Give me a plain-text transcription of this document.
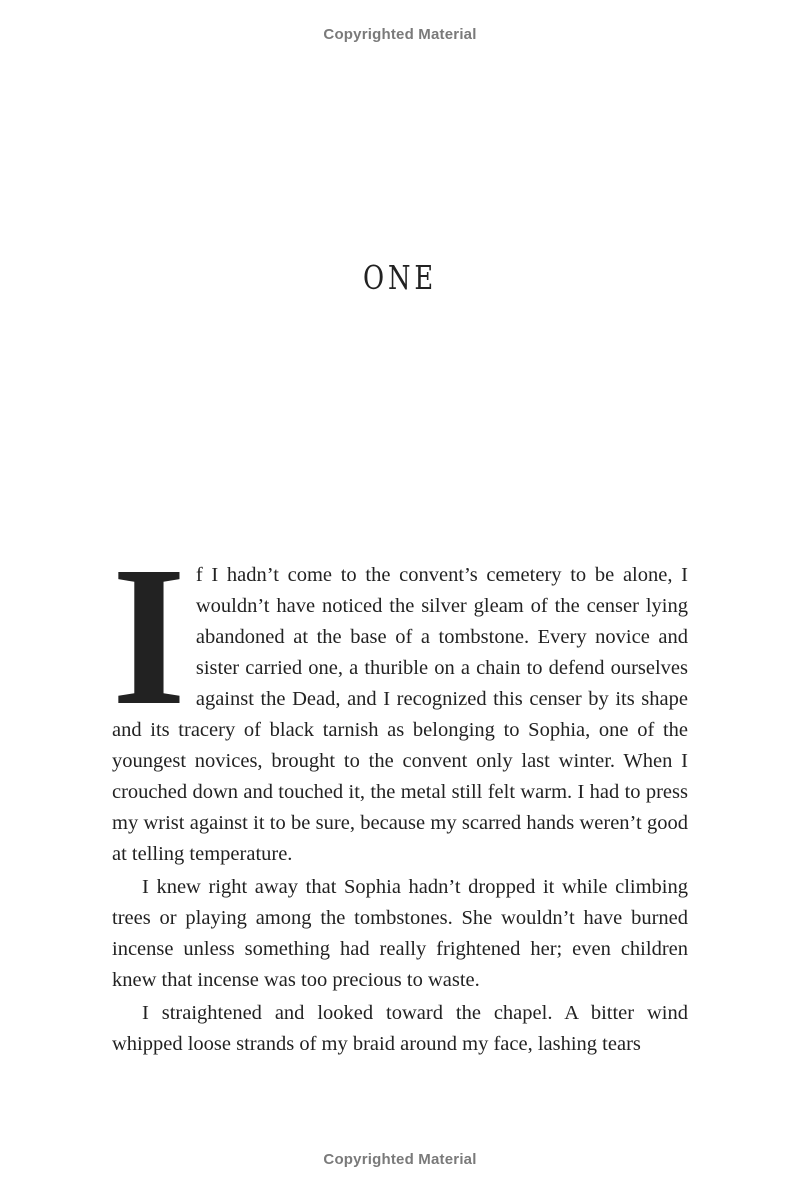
Copyrighted Material
ONE

If I hadn’t come to the convent’s cemetery to be alone, I wouldn’t have noticed the silver gleam of the censer lying abandoned at the base of a tombstone. Every novice and sister carried one, a thurible on a chain to defend ourselves against the Dead, and I recognized this censer by its shape and its tracery of black tarnish as belonging to Sophia, one of the youngest novices, brought to the convent only last winter. When I crouched down and touched it, the metal still felt warm. I had to press my wrist against it to be sure, because my scarred hands weren’t good at telling temperature.

I knew right away that Sophia hadn’t dropped it while climbing trees or playing among the tombstones. She wouldn’t have burned incense unless something had really frightened her; even children knew that incense was too precious to waste.

I straightened and looked toward the chapel. A bitter wind whipped loose strands of my braid around my face, lashing tears

Copyrighted Material
